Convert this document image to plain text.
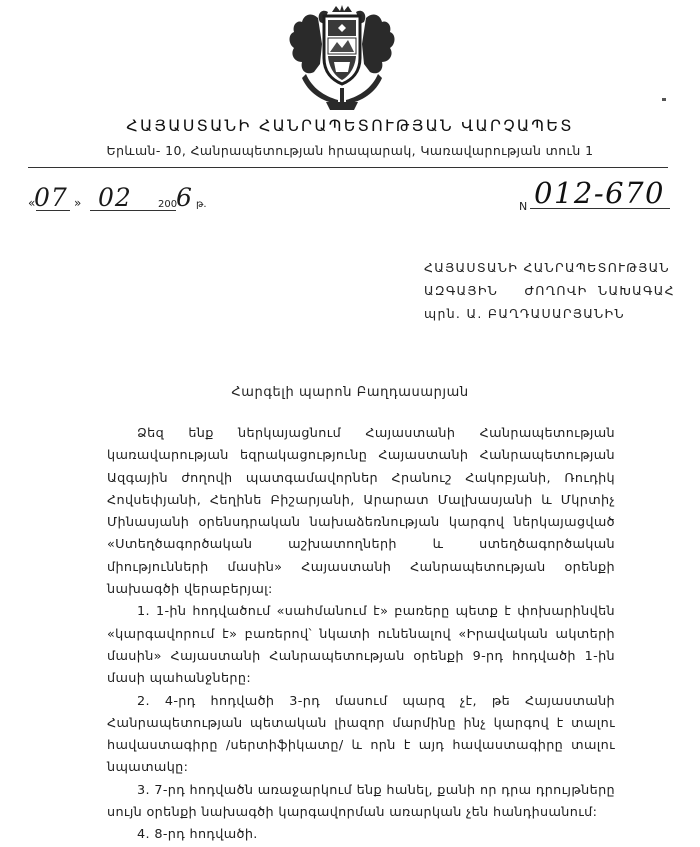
ՀԱՅԱՍՏԱՆԻ ՀԱՆՐԱՊԵՏՈՒԹՅԱՆ ՎԱՐՉԱՊԵՏ
Երևան- 10, Հանրապետության հրապարակ, Կառավարության տուն 1
«
07 » 02	200
6 թ.	N 012-670
ՀԱՅԱՍՏԱՆԻ ՀԱՆՐԱՊԵՏՈՒԹՅԱՆ
ԱԶԳԱՅԻՆ     ԺՈՂՈՎԻ  ՆԱԽԱԳԱՀ
պրն. Ա. ԲԱՂԴԱՍԱՐՅԱՆԻՆ
Հարգելի պարոն Բաղդասարյան

Ձեզ ենք ներկայացնում Հայաստանի Հանրապետության կառավարության եզրակացությունը Հայաստանի Հանրապետության Ազգային ժողովի պատգամավորներ Հրանուշ Հակոբյանի, Ռուդիկ Հովսեփյանի, Հեղինե Բիշարյանի, Արարատ Մալխասյանի և Մկրտիչ Մինասյանի օրենսդրական նախաձեռնության կարգով ներկայացված «Ստեղծագործական աշխատողների և ստեղծագործական միությունների մասին» Հայաստանի Հանրապետության օրենքի նախագծի վերաբերյալ:

1. 1-ին հոդվածում «սահմանում է» բառերը պետք է փոխարինվեն «կարգավորում է» բառերով՝ նկատի ունենալով «Իրավական ակտերի մասին» Հայաստանի Հանրապետության օրենքի 9-րդ հոդվածի 1-ին մասի պահանջները:

2. 4-րդ հոդվածի 3-րդ մասում պարզ չէ, թե Հայաստանի Հանրապետության պետական լիազոր մարմինը ինչ կարգով է տալու հավաստագիրը /սերտիֆիկատը/ և որն է այդ հավաստագիրը տալու նպատակը:

3. 7-րդ հոդվածն առաջարկում ենք հանել, քանի որ դրա դրույթները սույն օրենքի նախագծի կարգավորման առարկան չեն հանդիսանում:

4. 8-րդ հոդվածի.
